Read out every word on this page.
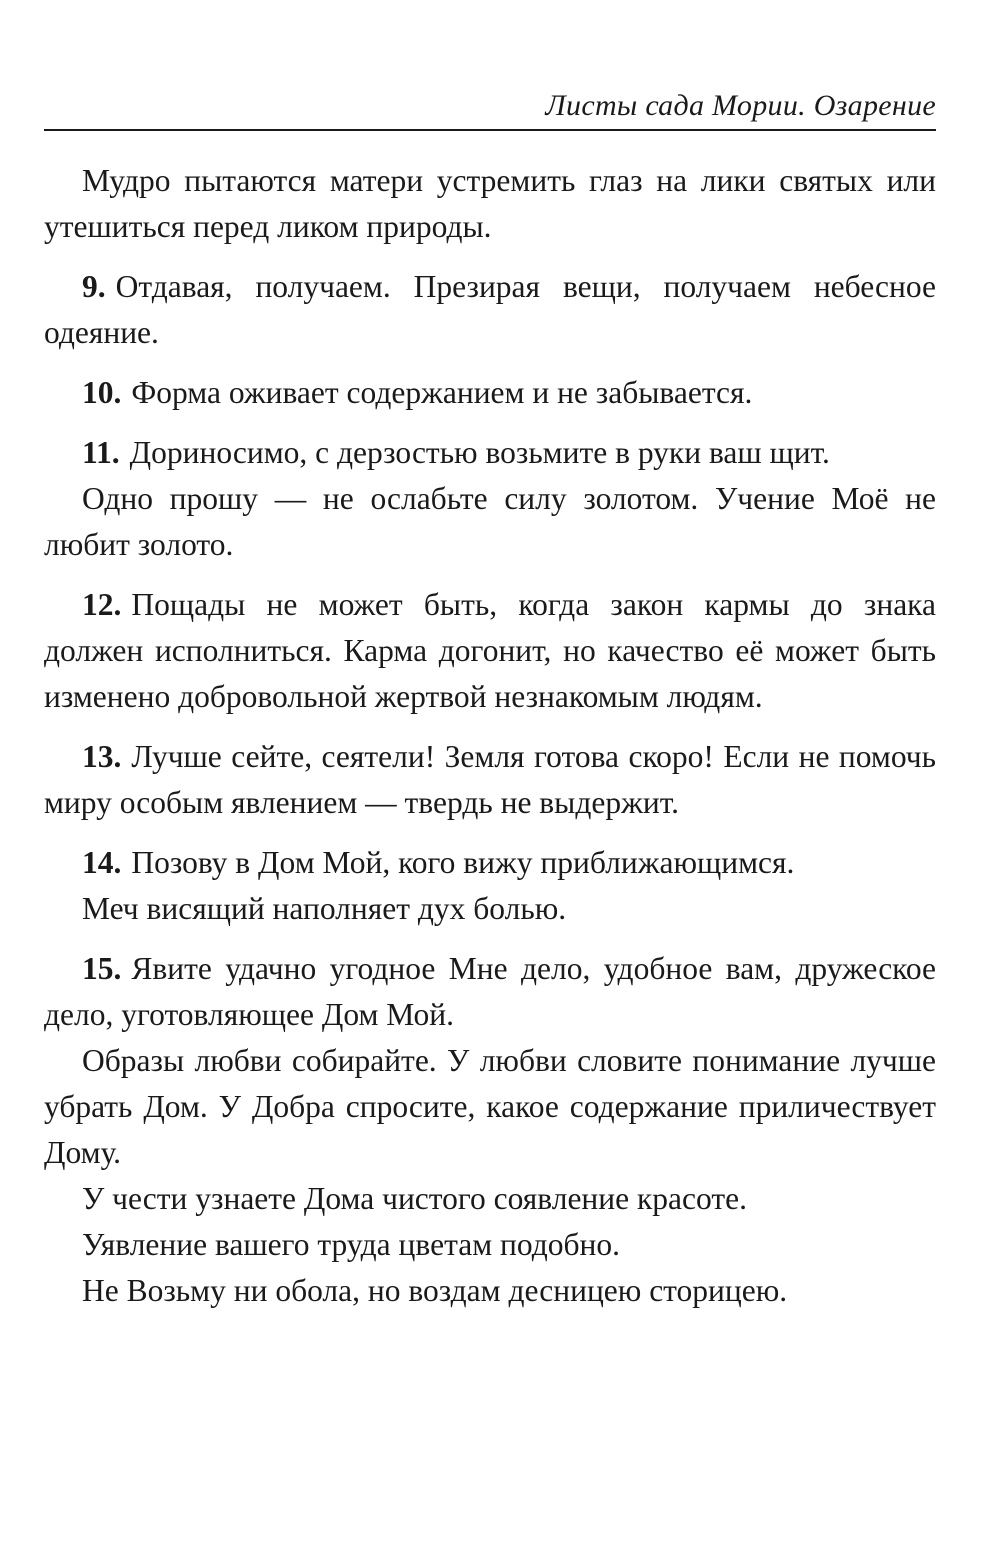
Листы сада Мории. Озарение

Мудро пытаются матери устремить глаз на лики святых или утешиться перед ликом природы.

9. Отдавая, получаем. Презирая вещи, получаем небесное одеяние.

10. Форма оживает содержанием и не забывается.

11. Дориносимо, с дерзостью возьмите в руки ваш щит.

Одно прошу — не ослабьте силу золотом. Учение Моё не любит золото.

12. Пощады не может быть, когда закон кармы до знака должен исполниться. Карма догонит, но качество её может быть изменено добровольной жертвой незнакомым людям.

13. Лучше сейте, сеятели! Земля готова скоро! Если не помочь миру особым явлением — твердь не выдержит.

14. Позову в Дом Мой, кого вижу приближающимся.

Меч висящий наполняет дух болью.

15. Явите удачно угодное Мне дело, удобное вам, дружеское дело, уготовляющее Дом Мой.

Образы любви собирайте. У любви словите понимание лучше убрать Дом. У Добра спросите, какое содержание приличествует Дому.

У чести узнаете Дома чистого соявление красоте.

Уявление вашего труда цветам подобно.

Не Возьму ни обола, но воздам десницею сторицею.
